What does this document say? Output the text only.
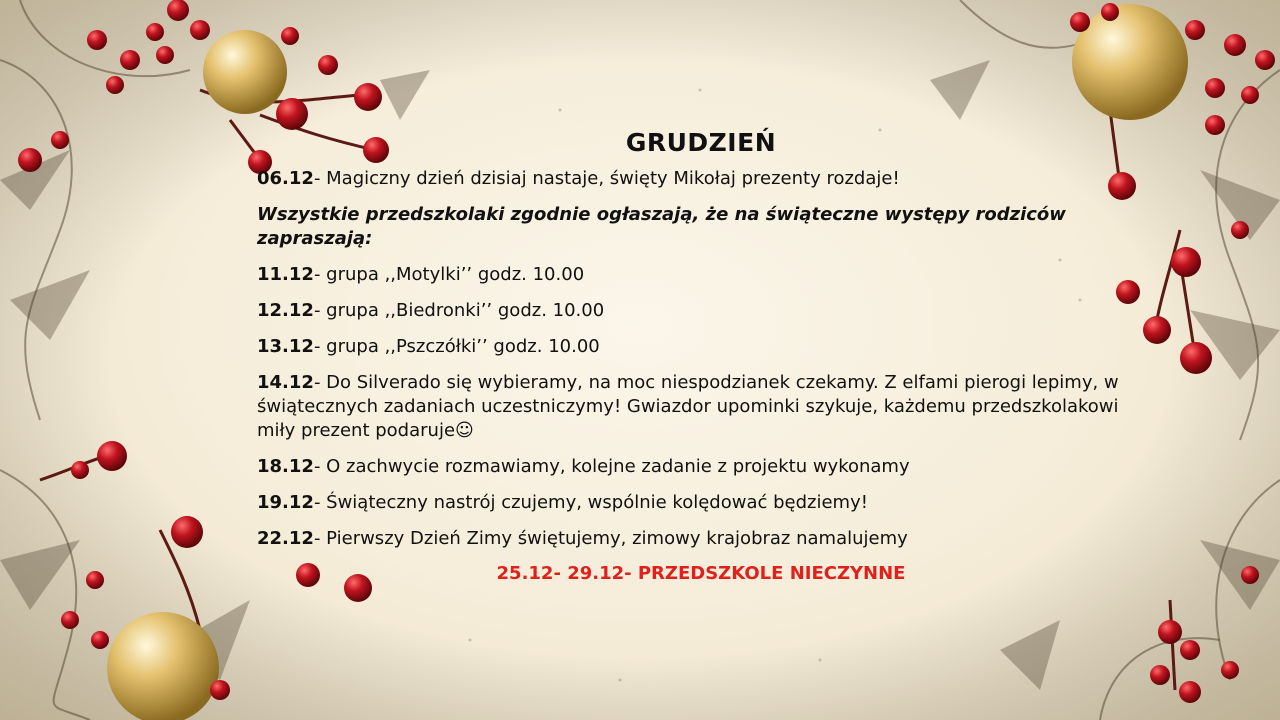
GRUDZIEŃ

06.12- Magiczny dzień dzisiaj nastaje, święty Mikołaj prezenty rozdaje!

Wszystkie przedszkolaki zgodnie ogłaszają, że na świąteczne występy rodziców zapraszają:

11.12- grupa ,,Motylki’’ godz. 10.00

12.12- grupa ,,Biedronki’’ godz. 10.00

13.12- grupa ,,Pszczółki’’ godz. 10.00

14.12- Do Silverado się wybieramy, na moc niespodzianek czekamy. Z elfami pierogi lepimy, w świątecznych zadaniach uczestniczymy! Gwiazdor upominki szykuje, każdemu przedszkolakowi miły prezent podaruje☺

18.12- O zachwycie rozmawiamy, kolejne zadanie z projektu wykonamy

19.12- Świąteczny nastrój czujemy, wspólnie kolędować będziemy!

22.12- Pierwszy Dzień Zimy świętujemy, zimowy krajobraz namalujemy

25.12- 29.12- PRZEDSZKOLE NIECZYNNE
